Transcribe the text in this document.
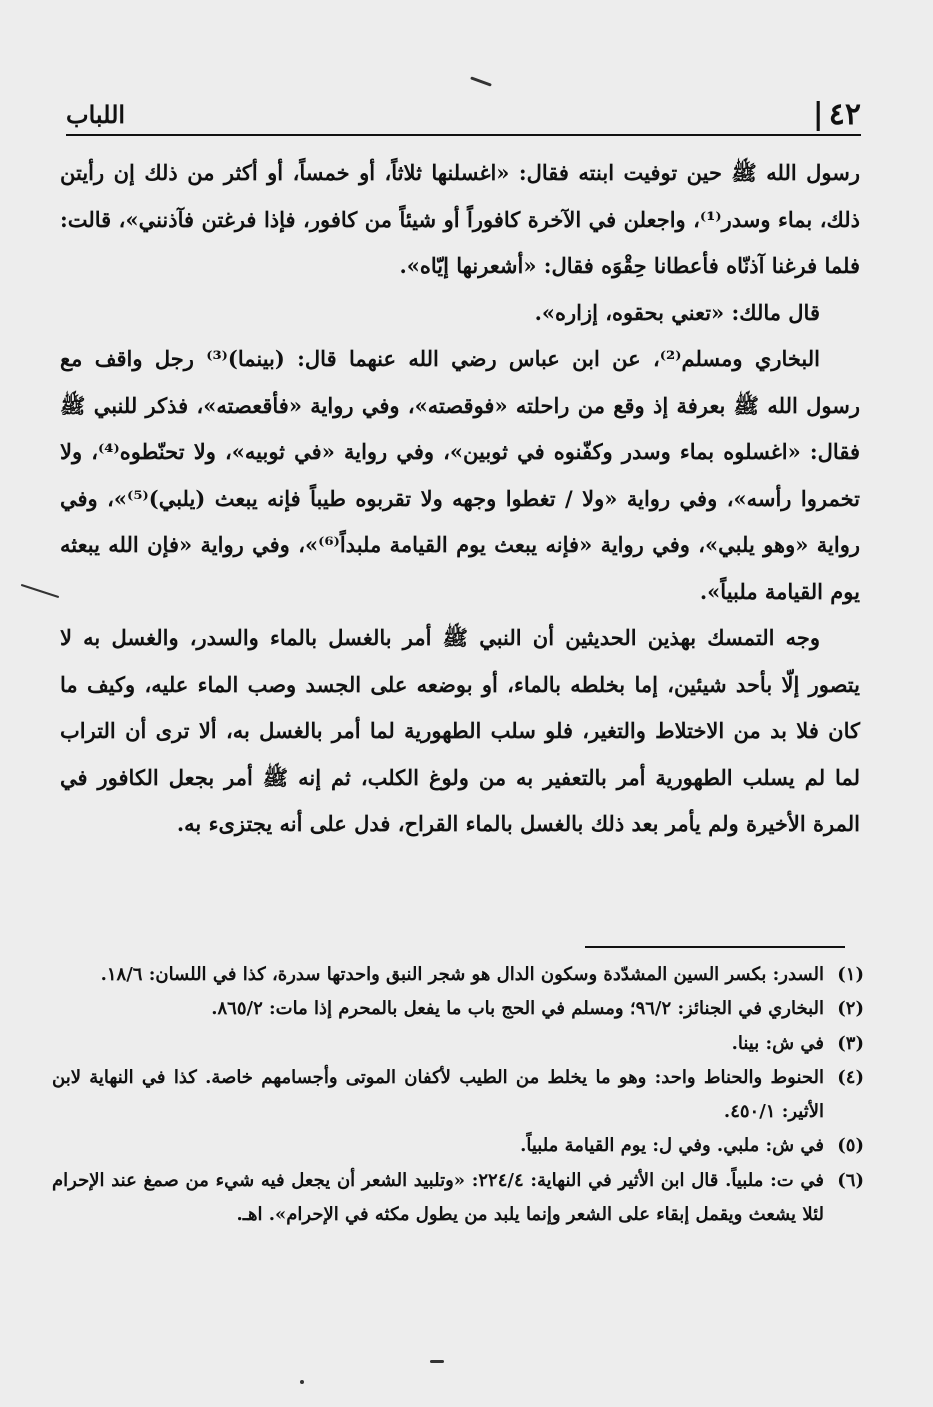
٤٢ |
اللباب

رسول الله ﷺ حين توفيت ابنته فقال: «اغسلنها ثلاثاً، أو خمساً، أو أكثر من ذلك إن رأيتن ذلك، بماء وسدر⁽¹⁾، واجعلن في الآخرة كافوراً أو شيئاً من كافور، فإذا فرغتن فآذنني»، قالت: فلما فرغنا آذنّاه فأعطانا حِقْوَه فقال: «أشعرنها إيّاه».

قال مالك: «تعني بحقوه، إزاره».

البخاري ومسلم⁽²⁾، عن ابن عباس رضي الله عنهما قال: (بينما)⁽³⁾ رجل واقف مع رسول الله ﷺ بعرفة إذ وقع من راحلته «فوقصته»، وفي رواية «فأقعصته»، فذكر للنبي ﷺ فقال: «اغسلوه بماء وسدر وكفّنوه في ثوبين»، وفي رواية «في ثوبيه»، ولا تحنّطوه⁽⁴⁾، ولا تخمروا رأسه»، وفي رواية «ولا / تغطوا وجهه ولا تقربوه طيباً فإنه يبعث (يلبي)⁽⁵⁾»، وفي رواية «وهو يلبي»، وفي رواية «فإنه يبعث يوم القيامة ملبداً⁽⁶⁾»، وفي رواية «فإن الله يبعثه يوم القيامة ملبياً».

وجه التمسك بهذين الحديثين أن النبي ﷺ أمر بالغسل بالماء والسدر، والغسل به لا يتصور إلّا بأحد شيئين، إما بخلطه بالماء، أو بوضعه على الجسد وصب الماء عليه، وكيف ما كان فلا بد من الاختلاط والتغير، فلو سلب الطهورية لما أمر بالغسل به، ألا ترى أن التراب لما لم يسلب الطهورية أمر بالتعفير به من ولوغ الكلب، ثم إنه ﷺ أمر بجعل الكافور في المرة الأخيرة ولم يأمر بعد ذلك بالغسل بالماء القراح، فدل على أنه يجتزىء به.

(١)
السدر: بكسر السين المشدّدة وسكون الدال هو شجر النبق واحدتها سدرة، كذا في اللسان: ١٨/٦.
(٢)
البخاري في الجنائز: ٩٦/٢؛ ومسلم في الحج باب ما يفعل بالمحرم إذا مات: ٨٦٥/٢.
(٣)
في ش: بينا.
(٤)
الحنوط والحناط واحد: وهو ما يخلط من الطيب لأكفان الموتى وأجسامهم خاصة. كذا في النهاية لابن الأثير: ٤٥٠/١.
(٥)
في ش: ملبي. وفي ل: يوم القيامة ملبياً.
(٦)
في ت: ملبياً. قال ابن الأثير في النهاية: ٢٢٤/٤: «وتلبيد الشعر أن يجعل فيه شيء من صمغ عند الإحرام لئلا يشعث ويقمل إبقاء على الشعر وإنما يلبد من يطول مكثه في الإحرام». اهـ.
